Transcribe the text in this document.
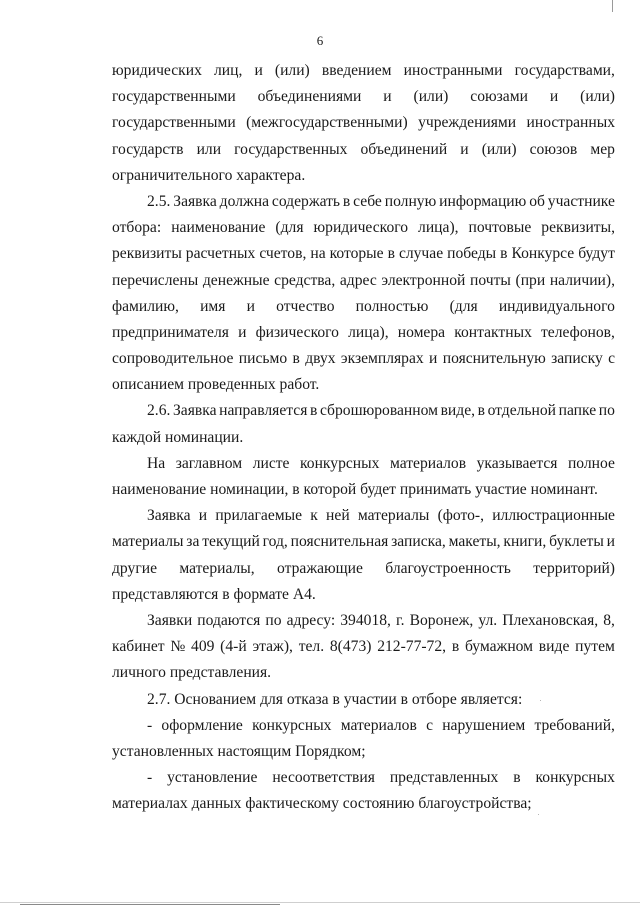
6
юридических лиц, и (или) введением иностранными государствами,
государственными объединениями и (или) союзами и (или)
государственными (межгосударственными) учреждениями иностранных
государств или государственных объединений и (или) союзов мер
ограничительного характера.
2.5. Заявка должна содержать в себе полную информацию об участнике
отбора: наименование (для юридического лица), почтовые реквизиты,
реквизиты расчетных счетов, на которые в случае победы в Конкурсе будут
перечислены денежные средства, адрес электронной почты (при наличии),
фамилию, имя и отчество полностью (для индивидуального
предпринимателя и физического лица), номера контактных телефонов,
сопроводительное письмо в двух экземплярах и пояснительную записку с
описанием проведенных работ.
2.6. Заявка направляется в сброшюрованном виде, в отдельной папке по
каждой номинации.
На заглавном листе конкурсных материалов указывается полное
наименование номинации, в которой будет принимать участие номинант.
Заявка и прилагаемые к ней материалы (фото-, иллюстрационные
материалы за текущий год, пояснительная записка, макеты, книги, буклеты и
другие материалы, отражающие благоустроенность территорий)
представляются в формате А4.
Заявки подаются по адресу: 394018, г. Воронеж, ул. Плехановская, 8,
кабинет № 409 (4-й этаж), тел. 8(473) 212-77-72, в бумажном виде путем
личного представления.
2.7. Основанием для отказа в участии в отборе является:
- оформление конкурсных материалов с нарушением требований,
установленных настоящим Порядком;
- установление несоответствия представленных в конкурсных
материалах данных фактическому состоянию благоустройства;
